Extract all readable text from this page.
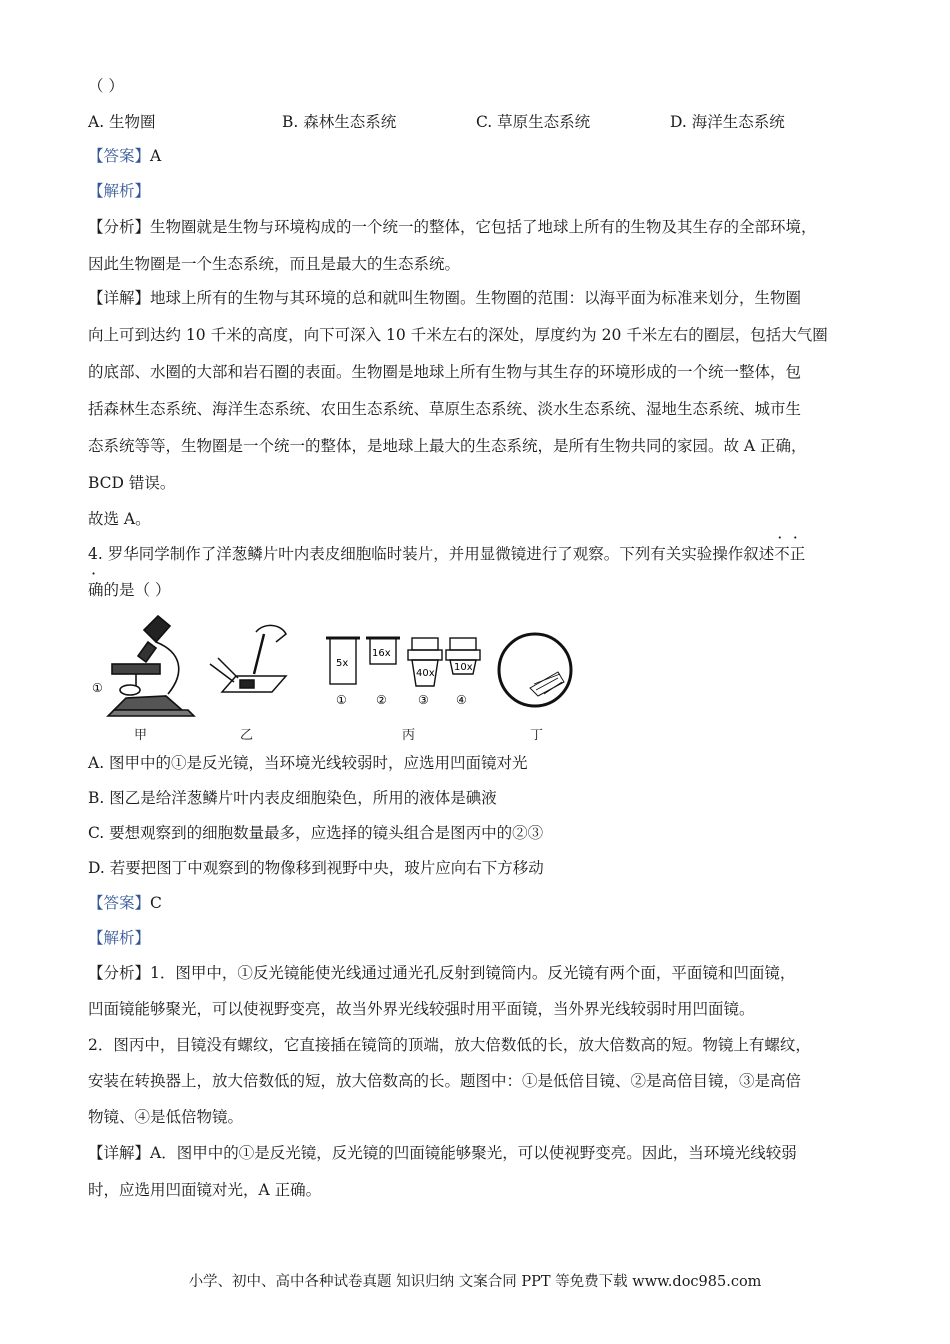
（ ）
A. 生物圈	B. 森林生态系统	C. 草原生态系统	D. 海洋生态系统
【答案】A
【解析】
【分析】生物圈就是生物与环境构成的一个统一的整体，它包括了地球上所有的生物及其生存的全部环境，
因此生物圈是一个生态系统，而且是最大的生态系统。
【详解】地球上所有的生物与其环境的总和就叫生物圈。生物圈的范围：以海平面为标准来划分，生物圈
向上可到达约 10 千米的高度，向下可深入 10 千米左右的深处，厚度约为 20 千米左右的圈层，包括大气圈
的底部、水圈的大部和岩石圈的表面。生物圈是地球上所有生物与其生存的环境形成的一个统一整体，包
括森林生态系统、海洋生态系统、农田生态系统、草原生态系统、淡水生态系统、湿地生态系统、城市生
态系统等等，生物圈是一个统一的整体，是地球上最大的生态系统，是所有生物共同的家园。故 A 正确，
BCD 错误。
故选 A。
4. 罗华同学制作了洋葱鳞片叶内表皮细胞临时装片，并用显微镜进行了观察。下列有关实验操作叙述不正
确的是（ ）
①
5x
16x
40x
10x
① ②	③ ④
甲	乙	丙	丁
A. 图甲中的①是反光镜，当环境光线较弱时，应选用凹面镜对光
B. 图乙是给洋葱鳞片叶内表皮细胞染色，所用的液体是碘液
C. 要想观察到的细胞数量最多，应选择的镜头组合是图丙中的②③
D. 若要把图丁中观察到的物像移到视野中央，玻片应向右下方移动
【答案】C
【解析】
【分析】1．图甲中，①反光镜能使光线通过通光孔反射到镜筒内。反光镜有两个面，平面镜和凹面镜，
凹面镜能够聚光，可以使视野变亮，故当外界光线较强时用平面镜，当外界光线较弱时用凹面镜。
2．图丙中，目镜没有螺纹，它直接插在镜筒的顶端，放大倍数低的长，放大倍数高的短。物镜上有螺纹，
安装在转换器上，放大倍数低的短，放大倍数高的长。题图中：①是低倍目镜、②是高倍目镜，③是高倍
物镜、④是低倍物镜。
【详解】A．图甲中的①是反光镜，反光镜的凹面镜能够聚光，可以使视野变亮。因此，当环境光线较弱
时，应选用凹面镜对光，A 正确。
小学、初中、高中各种试卷真题 知识归纳 文案合同 PPT 等免费下载 www.doc985.com
